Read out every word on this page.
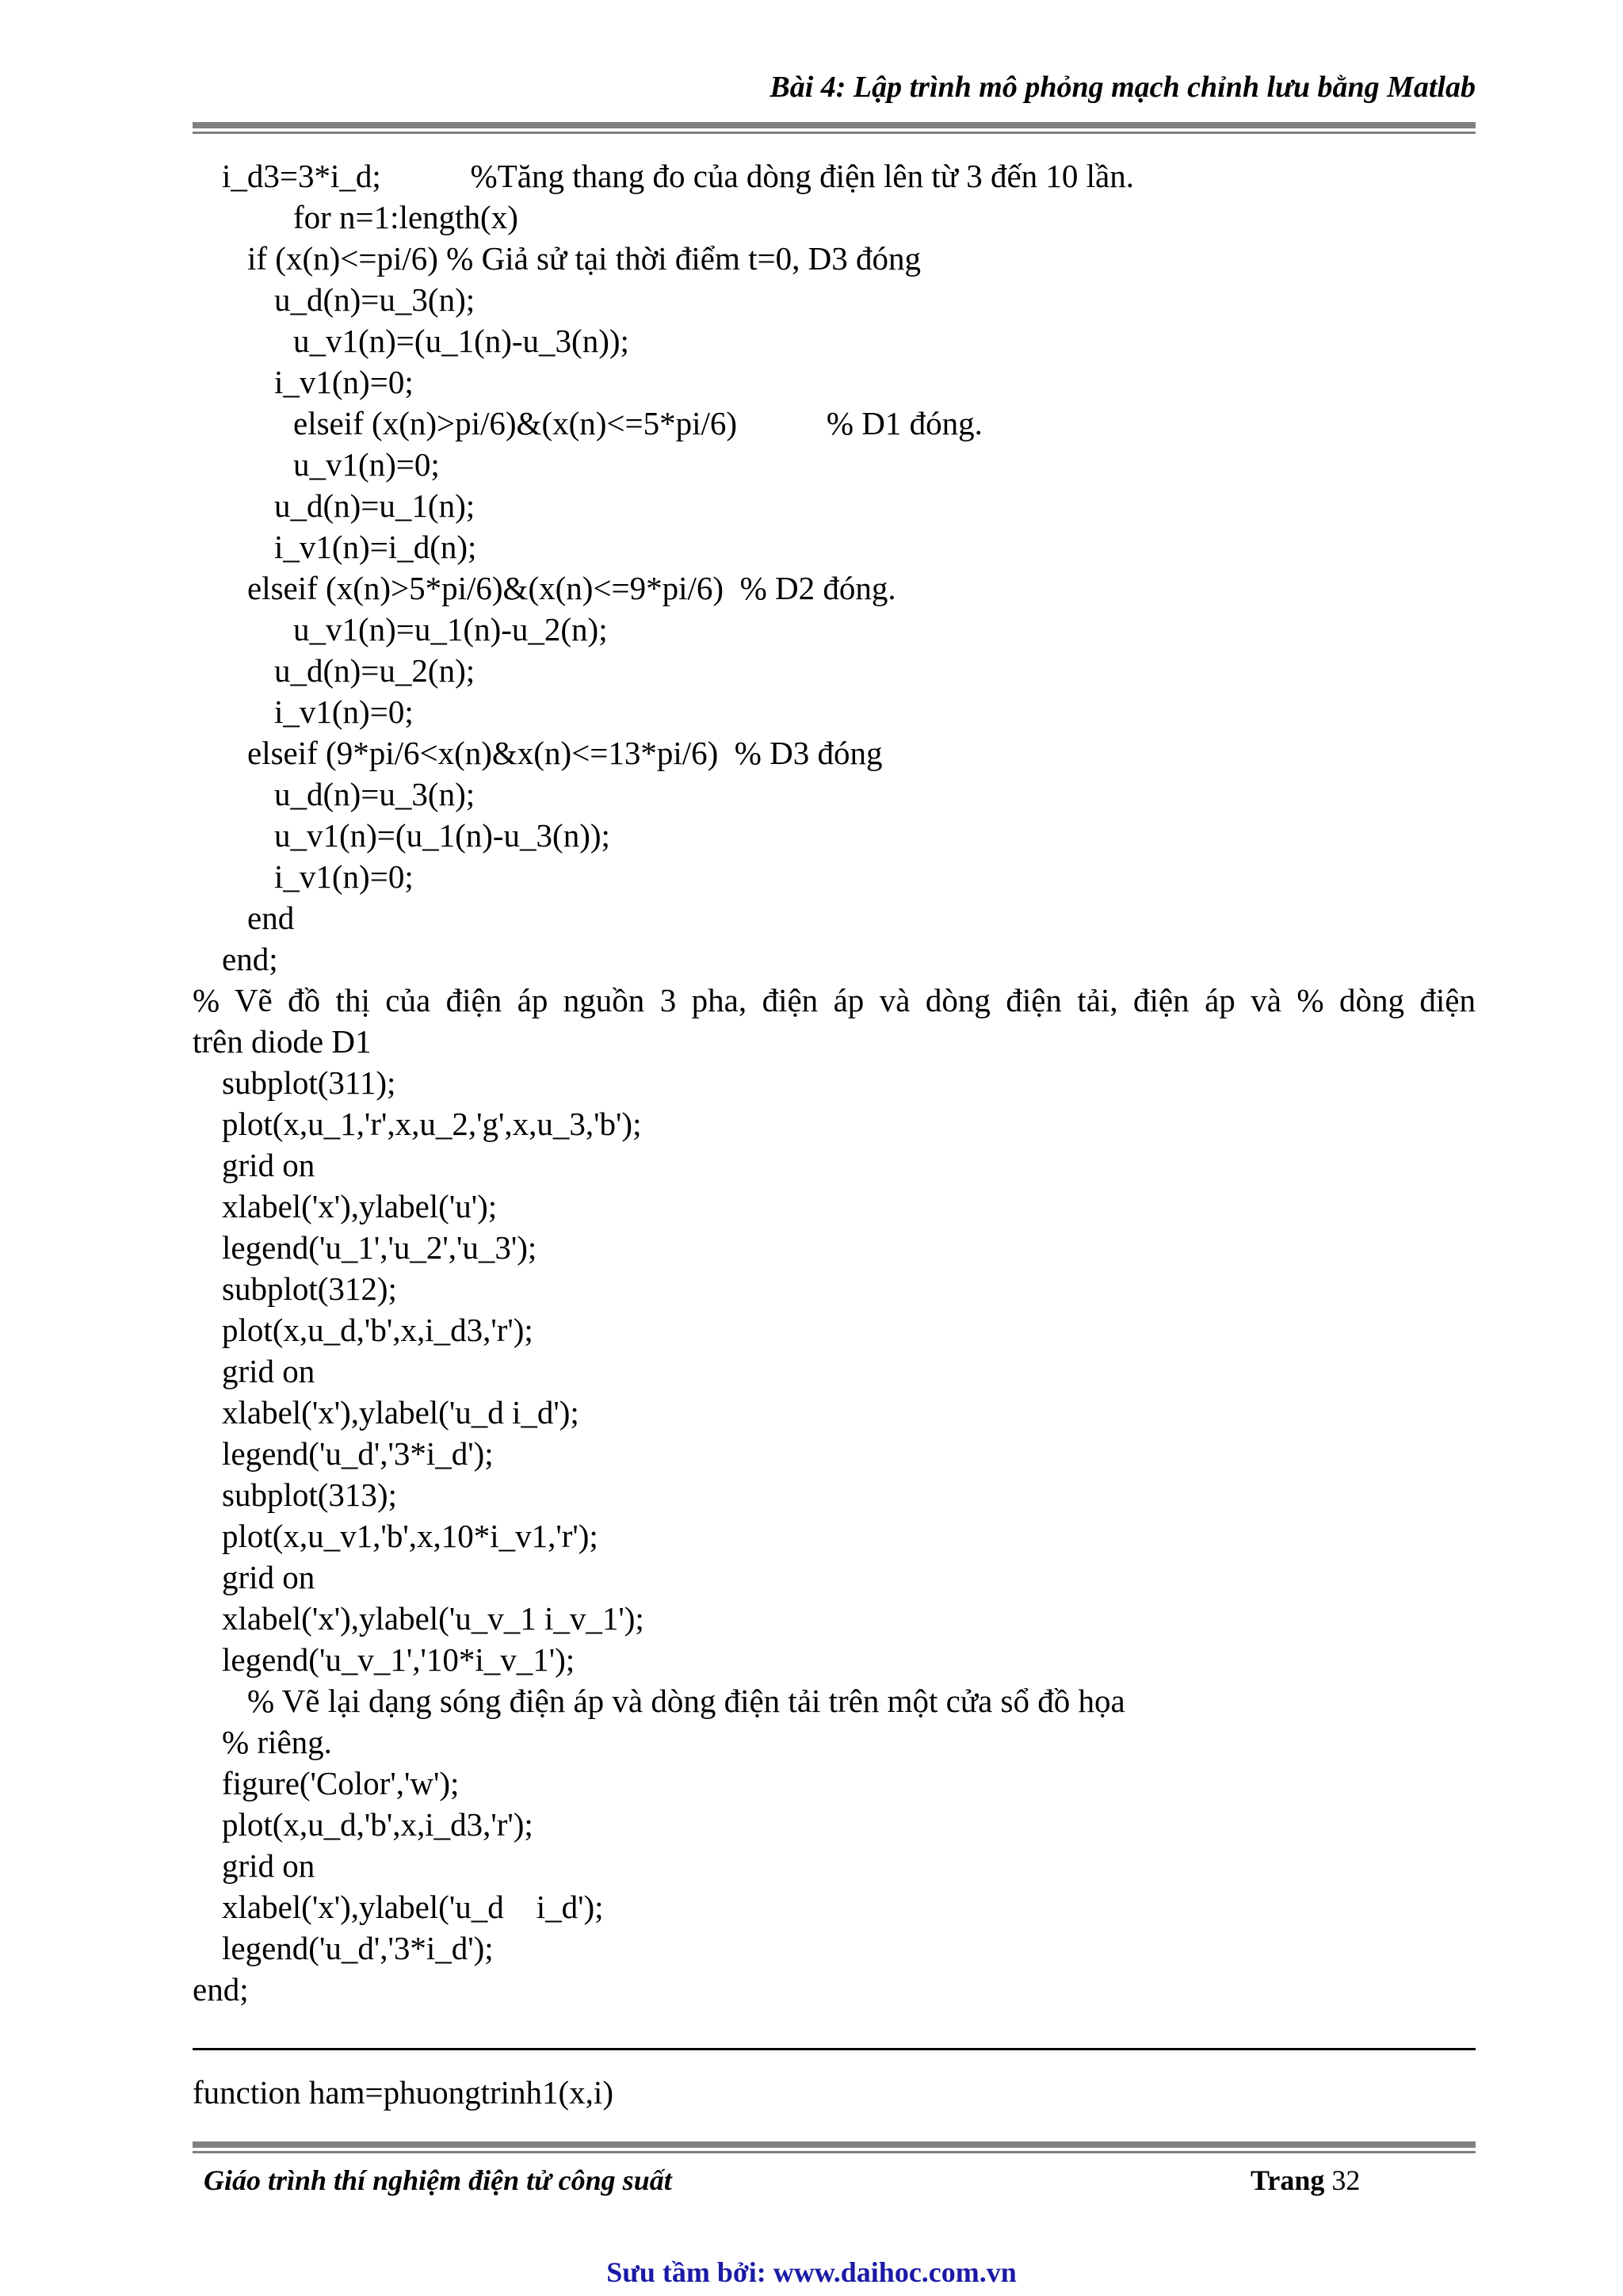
Bài 4: Lập trình mô phỏng mạch chỉnh lưu bằng Matlab
i_d3=3*i_d;           %Tăng thang đo của dòng điện lên từ 3 đến 10 lần.
for n=1:length(x)
if (x(n)<=pi/6) % Giả sử tại thời điểm t=0, D3 đóng
u_d(n)=u_3(n);
u_v1(n)=(u_1(n)-u_3(n));
i_v1(n)=0;
elseif (x(n)>pi/6)&(x(n)<=5*pi/6)           % D1 đóng.
u_v1(n)=0;
u_d(n)=u_1(n);
i_v1(n)=i_d(n);
elseif (x(n)>5*pi/6)&(x(n)<=9*pi/6)  % D2 đóng.
u_v1(n)=u_1(n)-u_2(n);
u_d(n)=u_2(n);
i_v1(n)=0;
elseif (9*pi/6<x(n)&x(n)<=13*pi/6)  % D3 đóng
u_d(n)=u_3(n);
u_v1(n)=(u_1(n)-u_3(n));
i_v1(n)=0;
end
end;
% Vẽ đồ thị của điện áp nguồn 3 pha, điện áp và dòng điện tải, điện áp và % dòng điện
trên diode D1
subplot(311);
plot(x,u_1,'r',x,u_2,'g',x,u_3,'b');
grid on
xlabel('x'),ylabel('u');
legend('u_1','u_2','u_3');
subplot(312);
plot(x,u_d,'b',x,i_d3,'r');
grid on
xlabel('x'),ylabel('u_d i_d');
legend('u_d','3*i_d');
subplot(313);
plot(x,u_v1,'b',x,10*i_v1,'r');
grid on
xlabel('x'),ylabel('u_v_1 i_v_1');
legend('u_v_1','10*i_v_1');
% Vẽ lại dạng sóng điện áp và dòng điện tải trên một cửa sổ đồ họa
% riêng.
figure('Color','w');
plot(x,u_d,'b',x,i_d3,'r');
grid on
xlabel('x'),ylabel('u_d    i_d');
legend('u_d','3*i_d');
end;
function ham=phuongtrinh1(x,i)
Giáo trình thí nghiệm điện tử công suất	Trang 32
Sưu tầm bởi: www.daihoc.com.vn
